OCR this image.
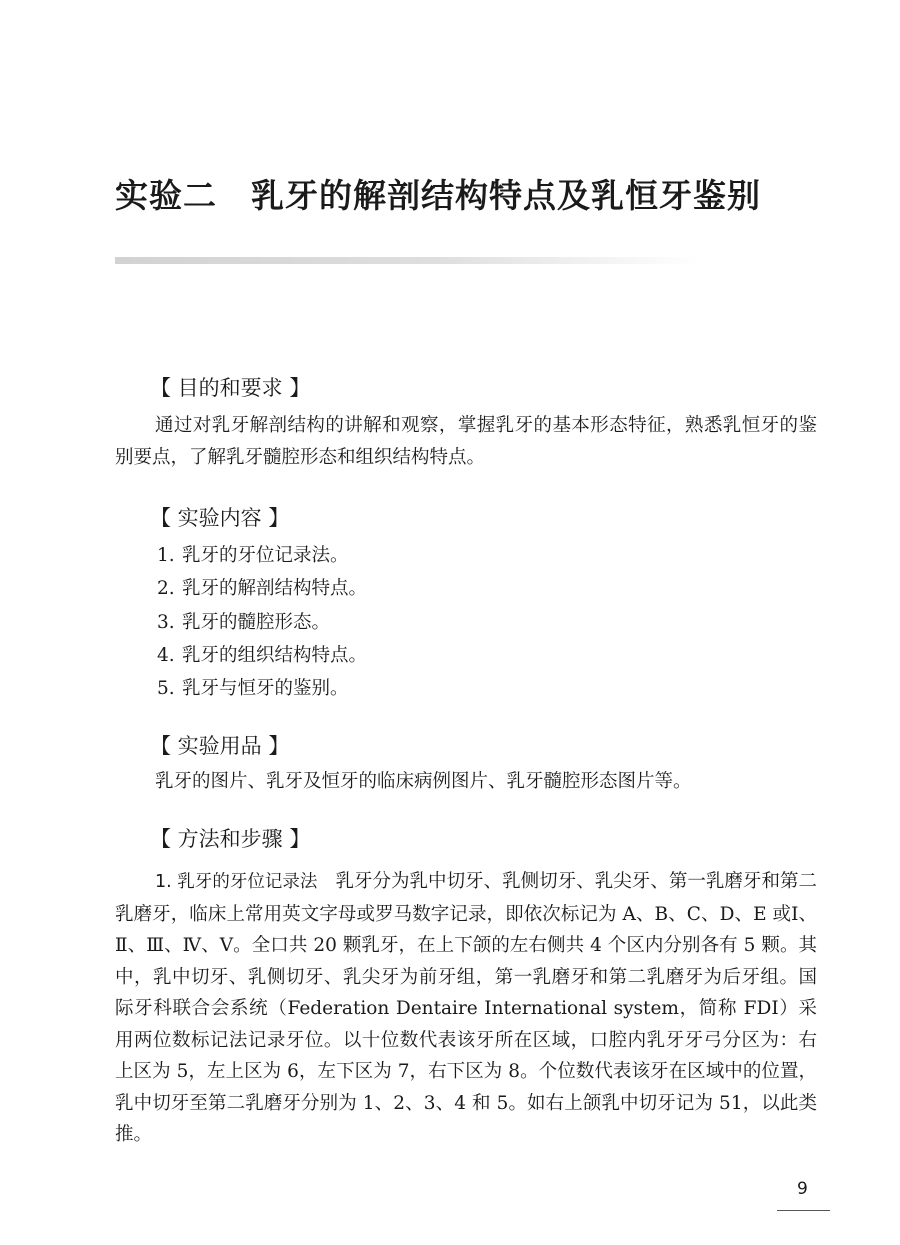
实验二 乳牙的解剖结构特点及乳恒牙鉴别
【 目的和要求 】

通过对乳牙解剖结构的讲解和观察，掌握乳牙的基本形态特征，熟悉乳恒牙的鉴别要点，了解乳牙髓腔形态和组织结构特点。

【 实验内容 】
1. 乳牙的牙位记录法。
2. 乳牙的解剖结构特点。
3. 乳牙的髓腔形态。
4. 乳牙的组织结构特点。
5. 乳牙与恒牙的鉴别。
【 实验用品 】

乳牙的图片、乳牙及恒牙的临床病例图片、乳牙髓腔形态图片等。

【 方法和步骤 】

1. 乳牙的牙位记录法 乳牙分为乳中切牙、乳侧切牙、乳尖牙、第一乳磨牙和第二乳磨牙，临床上常用英文字母或罗马数字记录，即依次标记为 A、B、C、D、E 或Ⅰ、Ⅱ、Ⅲ、Ⅳ、Ⅴ。全口共 20 颗乳牙，在上下颌的左右侧共 4 个区内分别各有 5 颗。其中，乳中切牙、乳侧切牙、乳尖牙为前牙组，第一乳磨牙和第二乳磨牙为后牙组。国际牙科联合会系统（Federation Dentaire International system，简称 FDI）采用两位数标记法记录牙位。以十位数代表该牙所在区域，口腔内乳牙牙弓分区为：右上区为 5，左上区为 6，左下区为 7，右下区为 8。个位数代表该牙在区域中的位置，乳中切牙至第二乳磨牙分别为 1、2、3、4 和 5。如右上颌乳中切牙记为 51，以此类推。

9
